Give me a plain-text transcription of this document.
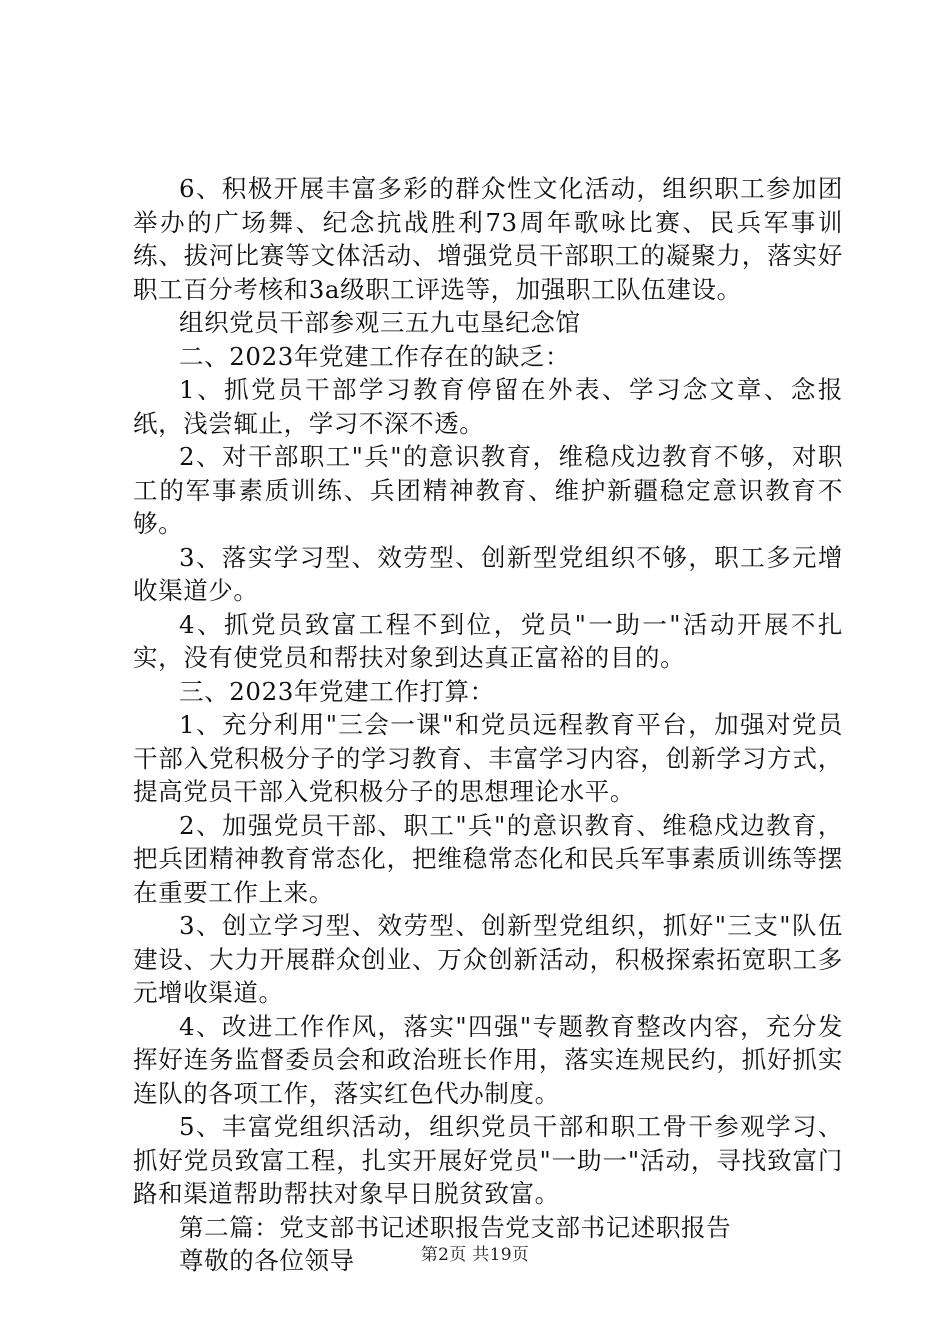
6、积极开展丰富多彩的群众性文化活动，组织职工参加团举办的广场舞、纪念抗战胜利73周年歌咏比赛、民兵军事训练、拔河比赛等文体活动、增强党员干部职工的凝聚力，落实好职工百分考核和3a级职工评选等，加强职工队伍建设。

组织党员干部参观三五九屯垦纪念馆

二、2023年党建工作存在的缺乏：

1、抓党员干部学习教育停留在外表、学习念文章、念报纸，浅尝辄止，学习不深不透。

2、对干部职工"兵"的意识教育，维稳戍边教育不够，对职工的军事素质训练、兵团精神教育、维护新疆稳定意识教育不够。

3、落实学习型、效劳型、创新型党组织不够，职工多元增收渠道少。

4、抓党员致富工程不到位，党员"一助一"活动开展不扎实，没有使党员和帮扶对象到达真正富裕的目的。

三、2023年党建工作打算：

1、充分利用"三会一课"和党员远程教育平台，加强对党员干部入党积极分子的学习教育、丰富学习内容，创新学习方式，提高党员干部入党积极分子的思想理论水平。

2、加强党员干部、职工"兵"的意识教育、维稳戍边教育，把兵团精神教育常态化，把维稳常态化和民兵军事素质训练等摆在重要工作上来。

3、创立学习型、效劳型、创新型党组织，抓好"三支"队伍建设、大力开展群众创业、万众创新活动，积极探索拓宽职工多元增收渠道。

4、改进工作作风，落实"四强"专题教育整改内容，充分发挥好连务监督委员会和政治班长作用，落实连规民约，抓好抓实连队的各项工作，落实红色代办制度。

5、丰富党组织活动，组织党员干部和职工骨干参观学习、抓好党员致富工程，扎实开展好党员"一助一"活动，寻找致富门路和渠道帮助帮扶对象早日脱贫致富。

第二篇：党支部书记述职报告党支部书记述职报告

尊敬的各位领导	第2页 共19页
